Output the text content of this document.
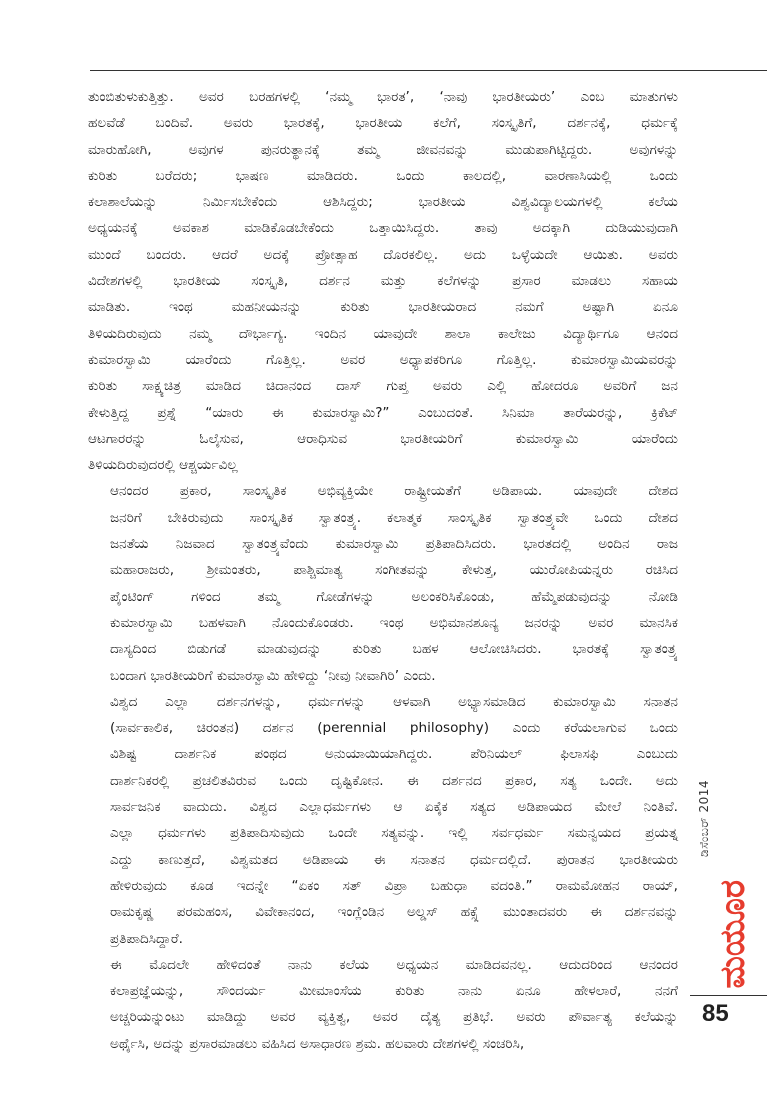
ತುಂಬಿತುಳುಕುತ್ತಿತ್ತು. ಅವರ ಬರಹಗಳಲ್ಲಿ ‘ನಮ್ಮ ಭಾರತ’, ‘ನಾವು ಭಾರತೀಯರು’ ಎಂಬ ಮಾತುಗಳು
ಹಲವೆಡೆ ಬಂದಿವೆ. ಅವರು ಭಾರತಕ್ಕೆ, ಭಾರತೀಯ ಕಲೆಗೆ, ಸಂಸ್ಕೃತಿಗೆ, ದರ್ಶನಕ್ಕೆ, ಧರ್ಮಕ್ಕೆ
ಮಾರುಹೋಗಿ, ಅವುಗಳ ಪುನರುತ್ಥಾನಕ್ಕೆ ತಮ್ಮ ಜೀವನವನ್ನು ಮುಡುಪಾಗಿಟ್ಟಿದ್ದರು. ಅವುಗಳನ್ನು
ಕುರಿತು ಬರೆದರು; ಭಾಷಣ ಮಾಡಿದರು. ಒಂದು ಕಾಲದಲ್ಲಿ, ವಾರಣಾಸಿಯಲ್ಲಿ ಒಂದು
ಕಲಾಶಾಲೆಯನ್ನು ನಿರ್ಮಿಸಬೇಕೆಂದು ಆಶಿಸಿದ್ದರು; ಭಾರತೀಯ ವಿಶ್ವವಿದ್ಯಾಲಯಗಳಲ್ಲಿ ಕಲೆಯ
ಅಧ್ಯಯನಕ್ಕೆ ಅವಕಾಶ ಮಾಡಿಕೊಡಬೇಕೆಂದು ಒತ್ತಾಯಿಸಿದ್ದರು. ತಾವು ಅದಕ್ಕಾಗಿ ದುಡಿಯುವುದಾಗಿ
ಮುಂದೆ ಬಂದರು. ಆದರೆ ಅದಕ್ಕೆ ಪ್ರೋತ್ಸಾಹ ದೊರಕಲಿಲ್ಲ. ಅದು ಒಳ್ಳೆಯದೇ ಆಯಿತು. ಅವರು
ವಿದೇಶಗಳಲ್ಲಿ ಭಾರತೀಯ ಸಂಸ್ಕೃತಿ, ದರ್ಶನ ಮತ್ತು ಕಲೆಗಳನ್ನು ಪ್ರಸಾರ ಮಾಡಲು ಸಹಾಯ
ಮಾಡಿತು. ಇಂಥ ಮಹನೀಯನನ್ನು ಕುರಿತು ಭಾರತೀಯರಾದ ನಮಗೆ ಅಷ್ಟಾಗಿ ಏನೂ
ತಿಳಿಯದಿರುವುದು ನಮ್ಮ ದೌರ್ಭಾಗ್ಯ. ಇಂದಿನ ಯಾವುದೇ ಶಾಲಾ ಕಾಲೇಜು ವಿದ್ಯಾರ್ಥಿಗೂ ಆನಂದ
ಕುಮಾರಸ್ವಾಮಿ ಯಾರೆಂದು ಗೊತ್ತಿಲ್ಲ. ಅವರ ಅಧ್ಯಾಪಕರಿಗೂ ಗೊತ್ತಿಲ್ಲ. ಕುಮಾರಸ್ವಾಮಿಯವರನ್ನು
ಕುರಿತು ಸಾಕ್ಷ್ಯಚಿತ್ರ ಮಾಡಿದ ಚಿದಾನಂದ ದಾಸ್ ಗುಪ್ತ ಅವರು ಎಲ್ಲಿ ಹೋದರೂ ಅವರಿಗೆ ಜನ
ಕೇಳುತ್ತಿದ್ದ ಪ್ರಶ್ನೆ “ಯಾರು ಈ ಕುಮಾರಸ್ವಾಮಿ?” ಎಂಬುದಂತೆ. ಸಿನಿಮಾ ತಾರೆಯರನ್ನು, ಕ್ರಿಕೆಟ್
ಆಟಗಾರರನ್ನು ಓಲೈಸುವ, ಆರಾಧಿಸುವ ಭಾರತೀಯರಿಗೆ ಕುಮಾರಸ್ವಾಮಿ ಯಾರೆಂದು
ತಿಳಿಯದಿರುವುದರಲ್ಲಿ ಆಶ್ಚರ್ಯವಿಲ್ಲ

ಆನಂದರ ಪ್ರಕಾರ, ಸಾಂಸ್ಕೃತಿಕ ಅಭಿವ್ಯಕ್ತಿಯೇ ರಾಷ್ಟ್ರೀಯತೆಗೆ ಅಡಿಪಾಯ. ಯಾವುದೇ ದೇಶದ
ಜನರಿಗೆ ಬೇಕಿರುವುದು ಸಾಂಸ್ಕೃತಿಕ ಸ್ವಾತಂತ್ರ್ಯ. ಕಲಾತ್ಮಕ ಸಾಂಸ್ಕೃತಿಕ ಸ್ವಾತಂತ್ರ್ಯವೇ ಒಂದು ದೇಶದ
ಜನತೆಯ ನಿಜವಾದ ಸ್ವಾತಂತ್ರ್ಯವೆಂದು ಕುಮಾರಸ್ವಾಮಿ ಪ್ರತಿಪಾದಿಸಿದರು. ಭಾರತದಲ್ಲಿ ಅಂದಿನ ರಾಜ
ಮಹಾರಾಜರು, ಶ್ರೀಮಂತರು, ಪಾಶ್ಚಿಮಾತ್ಯ ಸಂಗೀತವನ್ನು ಕೇಳುತ್ತ, ಯುರೋಪಿಯನ್ನರು ರಚಿಸಿದ
ಪೈಂಟಿಂಗ್ ಗಳಿಂದ ತಮ್ಮ ಗೋಡೆಗಳನ್ನು ಅಲಂಕರಿಸಿಕೊಂಡು, ಹೆಮ್ಮೆಪಡುವುದನ್ನು ನೋಡಿ
ಕುಮಾರಸ್ವಾಮಿ ಬಹಳವಾಗಿ ನೊಂದುಕೊಂಡರು. ಇಂಥ ಅಭಿಮಾನಶೂನ್ಯ ಜನರನ್ನು ಅವರ ಮಾನಸಿಕ
ದಾಸ್ಯದಿಂದ ಬಿಡುಗಡೆ ಮಾಡುವುದನ್ನು ಕುರಿತು ಬಹಳ ಆಲೋಚಿಸಿದರು. ಭಾರತಕ್ಕೆ ಸ್ವಾತಂತ್ರ್ಯ
ಬಂದಾಗ ಭಾರತೀಯರಿಗೆ ಕುಮಾರಸ್ವಾಮಿ ಹೇಳಿದ್ದು ‘ನೀವು ನೀವಾಗಿರಿ’ ಎಂದು.

ವಿಶ್ವದ ಎಲ್ಲಾ ದರ್ಶನಗಳನ್ನು, ಧರ್ಮಗಳನ್ನು ಆಳವಾಗಿ ಅಭ್ಯಾಸಮಾಡಿದ ಕುಮಾರಸ್ವಾಮಿ ಸನಾತನ
(ಸಾರ್ವಕಾಲಿಕ, ಚಿರಂತನ) ದರ್ಶನ (perennial philosophy) ಎಂದು ಕರೆಯಲಾಗುವ ಒಂದು
ವಿಶಿಷ್ಟ ದಾರ್ಶನಿಕ ಪಂಥದ ಅನುಯಾಯಿಯಾಗಿದ್ದರು. ಪೆರಿನಿಯಲ್ ಫಿಲಾಸಫಿ ಎಂಬುದು
ದಾರ್ಶನಿಕರಲ್ಲಿ ಪ್ರಚಲಿತವಿರುವ ಒಂದು ದೃಷ್ಟಿಕೋನ. ಈ ದರ್ಶನದ ಪ್ರಕಾರ, ಸತ್ಯ ಒಂದೇ. ಅದು
ಸಾರ್ವಜನಿಕ ವಾದುದು. ವಿಶ್ವದ ಎಲ್ಲಾಧರ್ಮಗಳು ಆ ಏಕೈಕ ಸತ್ಯದ ಅಡಿಪಾಯದ ಮೇಲೆ ನಿಂತಿವೆ.
ಎಲ್ಲಾ ಧರ್ಮಗಳು ಪ್ರತಿಪಾದಿಸುವುದು ಒಂದೇ ಸತ್ಯವನ್ನು. ಇಲ್ಲಿ ಸರ್ವಧರ್ಮ ಸಮನ್ವಯದ ಪ್ರಯತ್ನ
ಎದ್ದು ಕಾಣುತ್ತದೆ, ವಿಶ್ವಮತದ ಅಡಿಪಾಯ ಈ ಸನಾತನ ಧರ್ಮದಲ್ಲಿದೆ. ಪುರಾತನ ಭಾರತೀಯರು
ಹೇಳಿರುವುದು ಕೂಡ ಇದನ್ನೇ “ಏಕಂ ಸತ್ ವಿಪ್ರಾ ಬಹುಧಾ ವದಂತಿ.” ರಾಮಮೋಹನ ರಾಯ್,
ರಾಮಕೃಷ್ಣ ಪರಮಹಂಸ, ವಿವೇಕಾನಂದ, ಇಂಗ್ಲೆಂಡಿನ ಅಲ್ಡಸ್ ಹಕ್ಸ್ಲೆ ಮುಂತಾದವರು ಈ ದರ್ಶನವನ್ನು
ಪ್ರತಿಪಾದಿಸಿದ್ದಾರೆ.

ಈ ಮೊದಲೇ ಹೇಳಿದಂತೆ ನಾನು ಕಲೆಯ ಅಧ್ಯಯನ ಮಾಡಿದವನಲ್ಲ. ಆದುದರಿಂದ ಆನಂದರ
ಕಲಾಪ್ರಜ್ಞೆಯನ್ನು, ಸೌಂದರ್ಯ ಮೀಮಾಂಸೆಯ ಕುರಿತು ನಾನು ಏನೂ ಹೇಳಲಾರೆ, ನನಗೆ
ಅಚ್ಚರಿಯನ್ನುಂಟು ಮಾಡಿದ್ದು ಅವರ ವ್ಯಕ್ತಿತ್ವ, ಅವರ ದೈತ್ಯ ಪ್ರತಿಭೆ. ಅವರು ಪೌರ್ವಾತ್ಯ ಕಲೆಯನ್ನು
ಅರ್ಥೈಸಿ, ಅದನ್ನು ಪ್ರಸಾರಮಾಡಲು ವಹಿಸಿದ ಅಸಾಧಾರಣ ಶ್ರಮ. ಹಲವಾರು ದೇಶಗಳಲ್ಲಿ ಸಂಚರಿಸಿ,

ಡಿಸೆಂಬರ್ 2014
ಮಯೂರ
85
